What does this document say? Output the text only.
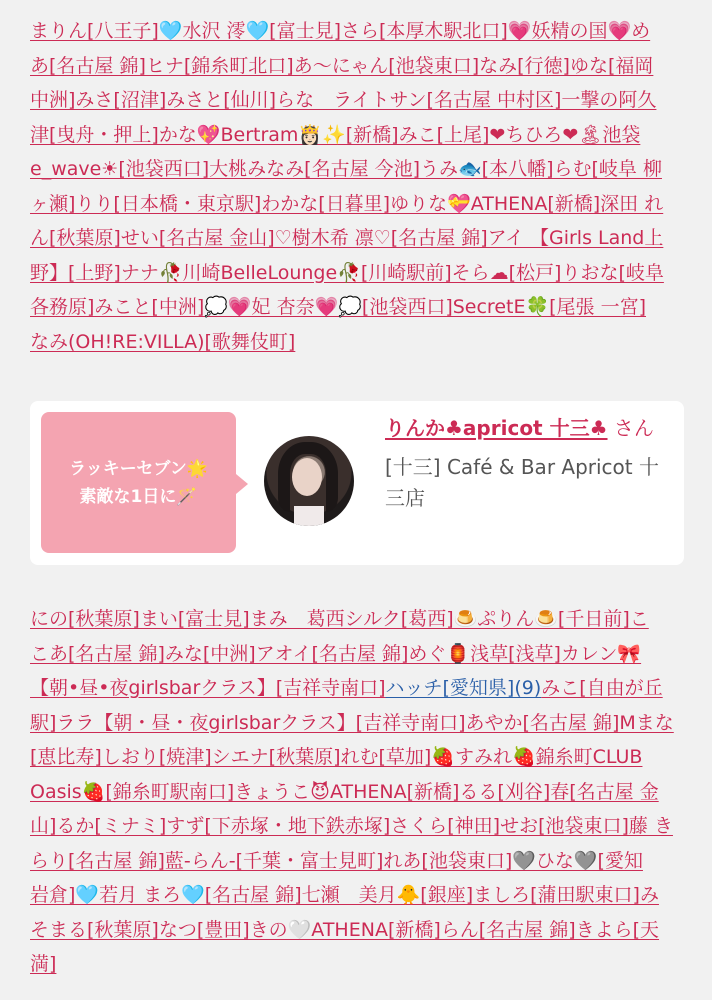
まりん[八王子]🩵水沢 澪🩵[富士見]さら[本厚木駅北口]💗妖精の国💗め
あ[名古屋 錦]ヒナ[錦糸町北口]あ〜にゃん[池袋東口]なみ[行徳]ゆな[福岡
中洲]みさ[沼津]みさと[仙川]らな　ライトサン[名古屋 中村区]一撃の阿久
津[曳舟・押上]かな💖Bertram👸🏻✨[新橋]みこ[上尾]❤ちひろ❤🏝池袋
e_wave☀[池袋西口]大桃みなみ[名古屋 今池]うみ🐟[本八幡]らむ[岐阜 柳
ヶ瀬]りり[日本橋・東京駅]わかな[日暮里]ゆりな💝ATHENA[新橋]深田 れ
ん[秋葉原]せい[名古屋 金山]♡樹木希 凛♡[名古屋 錦]アイ 【Girls Land上
野】[上野]ナナ🥀川崎BelleLounge🥀[川崎駅前]そら☁[松戸]りおな[岐阜
各務原]みこと[中洲]💭💗妃 杏奈💗💭[池袋西口]SecretE🍀[尾張 一宮]
なみ(OH!RE:VILLA)[歌舞伎町]
ラッキーセブン🌟
素敵な1日に🪄
りんか♣apricot 十三♣ さん
[十三] Café & Bar Apricot 十三店
にの[秋葉原]まい[富士見]まみ　葛西シルク[葛西]🍮ぷりん🍮[千日前]こ
こあ[名古屋 錦]みな[中洲]アオイ[名古屋 錦]めぐ🏮浅草[浅草]カレン🎀
【朝•昼•夜girlsbarクラス】[吉祥寺南口]ハッチ[愛知県](9)みこ[自由が丘
駅]ララ【朝・昼・夜girlsbarクラス】[吉祥寺南口]あやか[名古屋 錦]Mまな
[恵比寿]しおり[焼津]シエナ[秋葉原]れむ[草加]🍓すみれ🍓錦糸町CLUB
Oasis🍓[錦糸町駅南口]きょうこ😈ATHENA[新橋]るる[刈谷]春[名古屋 金
山]るか[ミナミ]すず[下赤塚・地下鉄赤塚]さくら[神田]せお[池袋東口]藤 き
らり[名古屋 錦]藍-らん-[千葉・富士見町]れあ[池袋東口]🩶ひな🩶[愛知
岩倉]🩵若月 まろ🩵[名古屋 錦]七瀬　美月🐥[銀座]ましろ[蒲田駅東口]み
そまる[秋葉原]なつ[豊田]きの🤍ATHENA[新橋]らん[名古屋 錦]きよら[天
満]
